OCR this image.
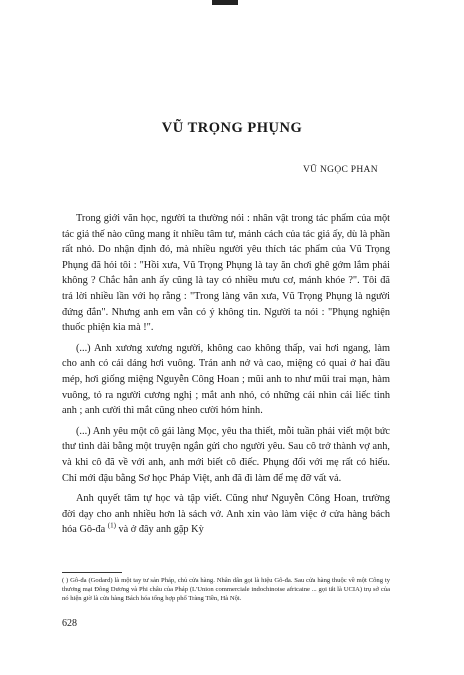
VŨ TRỌNG PHỤNG
VŨ NGỌC PHAN

Trong giới văn học, người ta thường nói : nhân vật trong tác phẩm của một tác giả thế nào cũng mang ít nhiều tâm tư, mảnh cách của tác giả ấy, dù là phần rất nhỏ. Do nhận định đó, mà nhiều người yêu thích tác phẩm của Vũ Trọng Phụng đã hỏi tôi : "Hồi xưa, Vũ Trọng Phụng là tay ăn chơi ghê gớm lắm phải không ? Chắc hẳn anh ấy cũng là tay có nhiều mưu cơ, mánh khóe ?". Tôi đã trả lời nhiều lần với họ rằng : "Trong làng văn xưa, Vũ Trọng Phụng là người đứng đắn". Nhưng anh em vẫn có ý không tin. Người ta nói : "Phụng nghiện thuốc phiện kia mà !".

(...) Anh xương xương người, không cao không thấp, vai hơi ngang, làm cho anh có cái dáng hơi vuông. Trán anh nở và cao, miệng có quai ở hai đầu mép, hơi giống miệng Nguyễn Công Hoan ; mũi anh to như mũi trai mạn, hàm vuông, tỏ ra người cương nghị ; mắt anh nhỏ, có những cái nhìn cái liếc tinh anh ; anh cười thì mắt cũng nheo cười hóm hỉnh.

(...) Anh yêu một cô gái làng Mọc, yêu tha thiết, mỗi tuần phải viết một bức thư tình dài bằng một truyện ngắn gửi cho người yêu. Sau cô trở thành vợ anh, và khi cô đã về với anh, anh mới biết cô điếc. Phụng đối với mẹ rất có hiếu. Chỉ mới đậu bằng Sơ học Pháp Việt, anh đã đi làm để mẹ đỡ vất vả.

Anh quyết tâm tự học và tập viết. Cũng như Nguyễn Công Hoan, trường đời dạy cho anh nhiều hơn là sách vở. Anh xin vào làm việc ở cửa hàng bách hóa Gô-đa $^{(1)}$ và ở đây anh gặp Kỳ

( ) Gô-đa (Godard) là một tay tư sản Pháp, chủ cửa hàng. Nhân dân gọi là hiệu Gô-đa. Sau cửa hàng thuộc về một Công ty thương mại Đông Dương và Phi châu của Pháp (L'Union commerciale indochinoise africaine ... gọi tắt là UCIA) trụ sở của nó hiện giờ là cửa hàng Bách hóa tổng hợp phố Tràng Tiền, Hà Nội.
628
